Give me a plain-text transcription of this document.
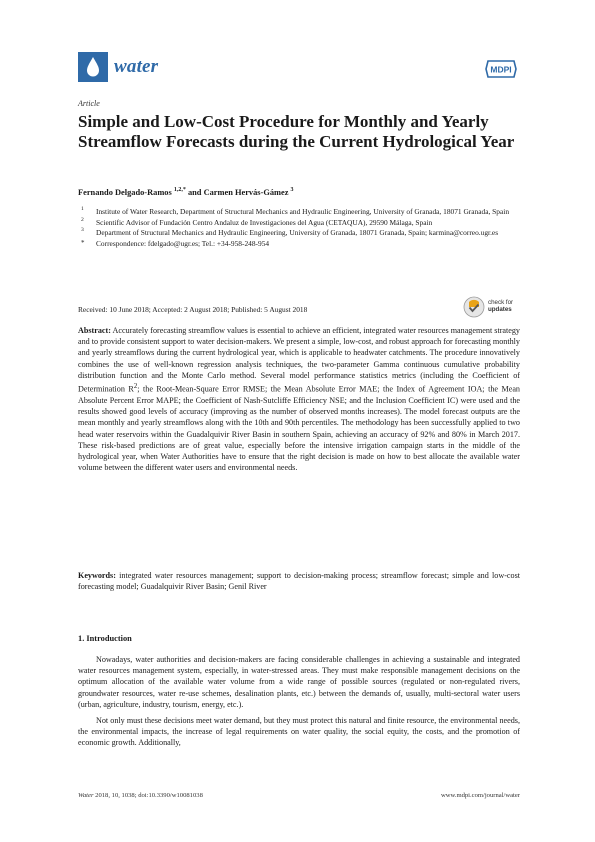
water	MDPI
Article
Simple and Low-Cost Procedure for Monthly and Yearly Streamflow Forecasts during the Current Hydrological Year
Fernando Delgado-Ramos $^{1,2,*}$ and Carmen Hervás-Gámez $^3$
1 Institute of Water Research, Department of Structural Mechanics and Hydraulic Engineering, University of Granada, 18071 Granada, Spain
2 Scientific Advisor of Fundación Centro Andaluz de Investigaciones del Agua (CETAQUA), 29590 Málaga, Spain
3 Department of Structural Mechanics and Hydraulic Engineering, University of Granada, 18071 Granada, Spain; karmina@correo.ugr.es
* Correspondence: fdelgado@ugr.es; Tel.: +34-958-248-954
Received: 10 June 2018; Accepted: 2 August 2018; Published: 5 August 2018
check for
updates

Abstract: Accurately forecasting streamflow values is essential to achieve an efficient, integrated water resources management strategy and to provide consistent support to water decision-makers. We present a simple, low-cost, and robust approach for forecasting monthly and yearly streamflows during the current hydrological year, which is applicable to headwater catchments. The procedure innovatively combines the use of well-known regression analysis techniques, the two-parameter Gamma continuous cumulative probability distribution function and the Monte Carlo method. Several model performance statistics metrics (including the Coefficient of Determination $R^2$; the Root-Mean-Square Error RMSE; the Mean Absolute Error MAE; the Index of Agreement IOA; the Mean Absolute Percent Error MAPE; the Coefficient of Nash-Sutcliffe Efficiency NSE; and the Inclusion Coefficient IC) were used and the results showed good levels of accuracy (improving as the number of observed months increases). The model forecast outputs are the mean monthly and yearly streamflows along with the 10th and 90th percentiles. The methodology has been successfully applied to two head water reservoirs within the Guadalquivir River Basin in southern Spain, achieving an accuracy of 92% and 80% in March 2017. These risk-based predictions are of great value, especially before the intensive irrigation campaign starts in the middle of the hydrological year, when Water Authorities have to ensure that the right decision is made on how to best allocate the available water volume between the different water users and environmental needs.

Keywords: integrated water resources management; support to decision-making process; streamflow forecast; simple and low-cost forecasting model; Guadalquivir River Basin; Genil River

1. Introduction

Nowadays, water authorities and decision-makers are facing considerable challenges in achieving a sustainable and integrated water resources management system, especially, in water-stressed areas. They must make responsible management decisions on the optimum allocation of the available water volume from a wide range of possible sources (regulated or non-regulated rivers, groundwater resources, water re-use schemes, desalination plants, etc.) between the demands of, usually, multi-sectoral water users (urban, agriculture, industry, tourism, energy, etc.).

Not only must these decisions meet water demand, but they must protect this natural and finite resource, the environmental needs, the environmental impacts, the increase of legal requirements on water quality, the social equity, the costs, and the promotion of economic growth. Additionally,

Water 2018, 10, 1038; doi:10.3390/w10081038	www.mdpi.com/journal/water
